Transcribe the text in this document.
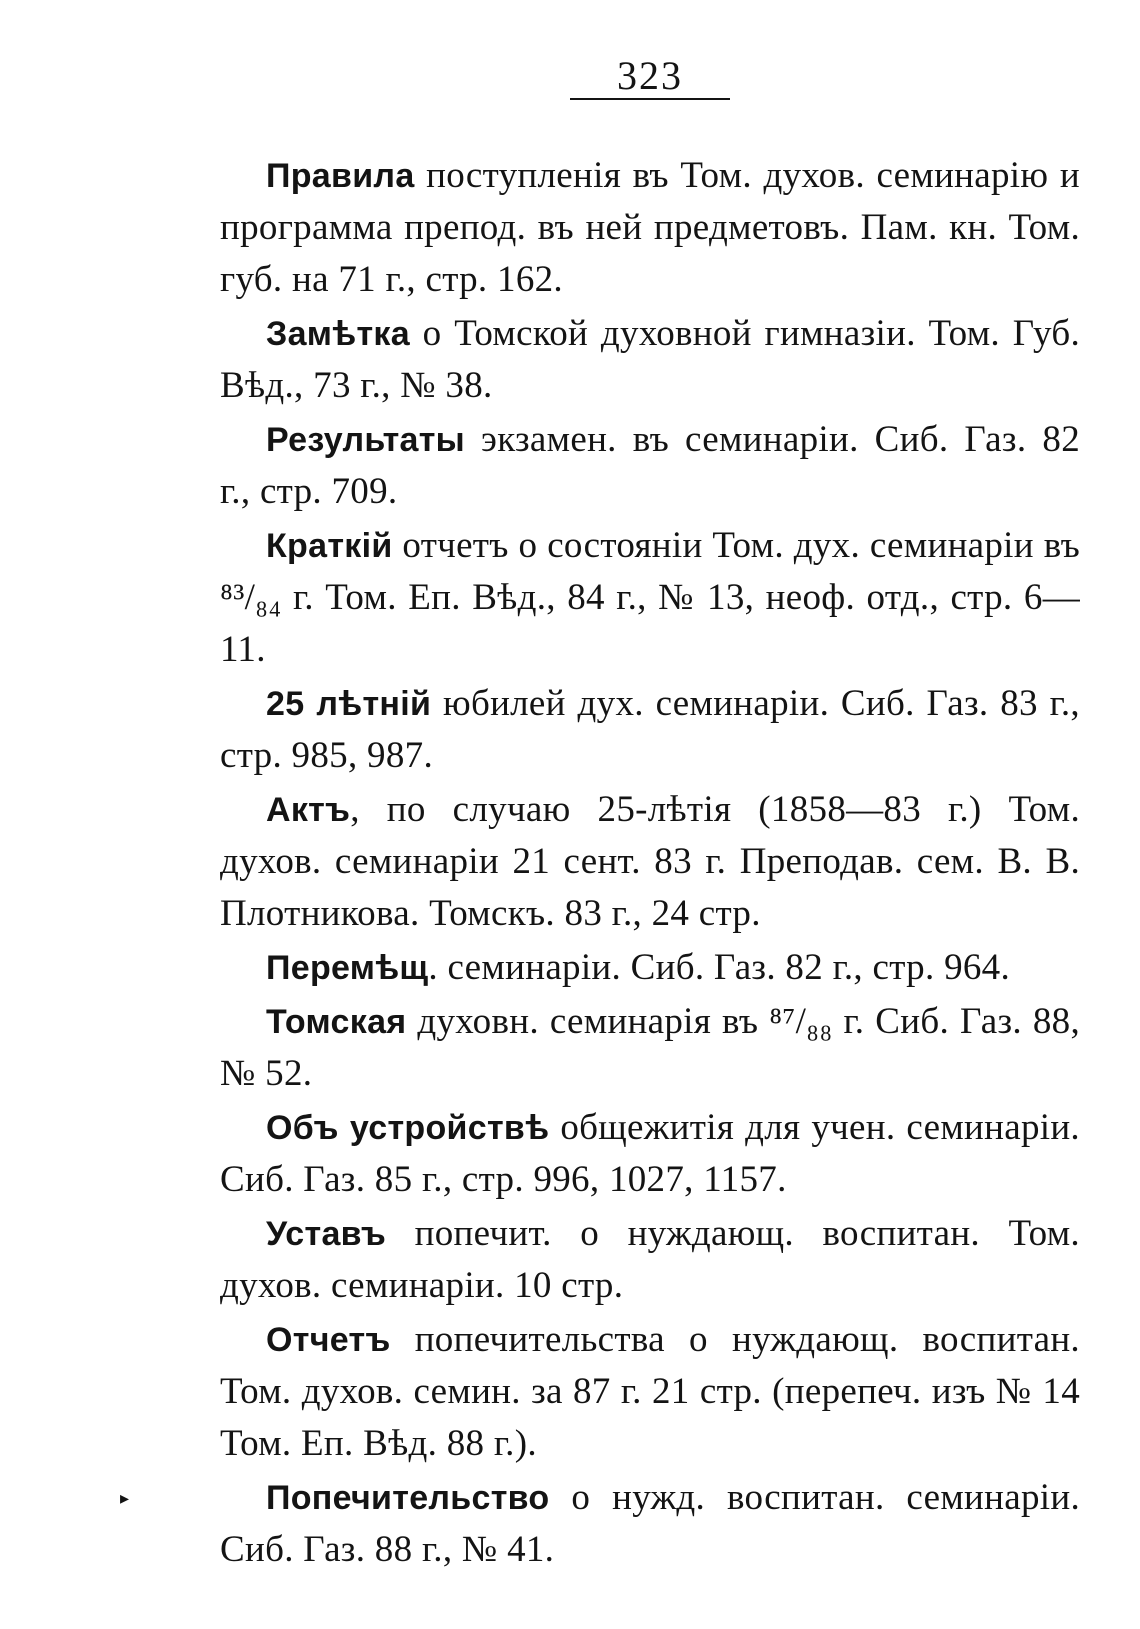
323

Правила поступленія въ Том. духов. семинарію и программа препод. въ ней предметовъ. Пам. кн. Том. губ. на 71 г., стр. 162.

Замѣтка о Томской духовной гимназіи. Том. Губ. Вѣд., 73 г., № 38.

Результаты экзамен. въ семинаріи. Сиб. Газ. 82 г., стр. 709.

Краткій отчетъ о состояніи Том. дух. семинаріи въ ⁸³/₈₄ г. Том. Еп. Вѣд., 84 г., № 13, неоф. отд., стр. 6—11.

25 лѣтній юбилей дух. семинаріи. Сиб. Газ. 83 г., стр. 985, 987.

Актъ, по случаю 25-лѣтія (1858—83 г.) Том. духов. семинаріи 21 сент. 83 г. Преподав. сем. В. В. Плотникова. Томскъ. 83 г., 24 стр.

Перемѣщ. семинаріи. Сиб. Газ. 82 г., стр. 964.

Томская духовн. семинарія въ ⁸⁷/₈₈ г. Сиб. Газ. 88, № 52.

Объ устройствѣ общежитія для учен. семинаріи. Сиб. Газ. 85 г., стр. 996, 1027, 1157.

Уставъ попечит. о нуждающ. воспитан. Том. духов. семинаріи. 10 стр.

Отчетъ попечительства о нуждающ. воспитан. Том. духов. семин. за 87 г. 21 стр. (перепеч. изъ № 14 Том. Еп. Вѣд. 88 г.).

Попечительство о нужд. воспитан. семинаріи. Сиб. Газ. 88 г., № 41.

▸
